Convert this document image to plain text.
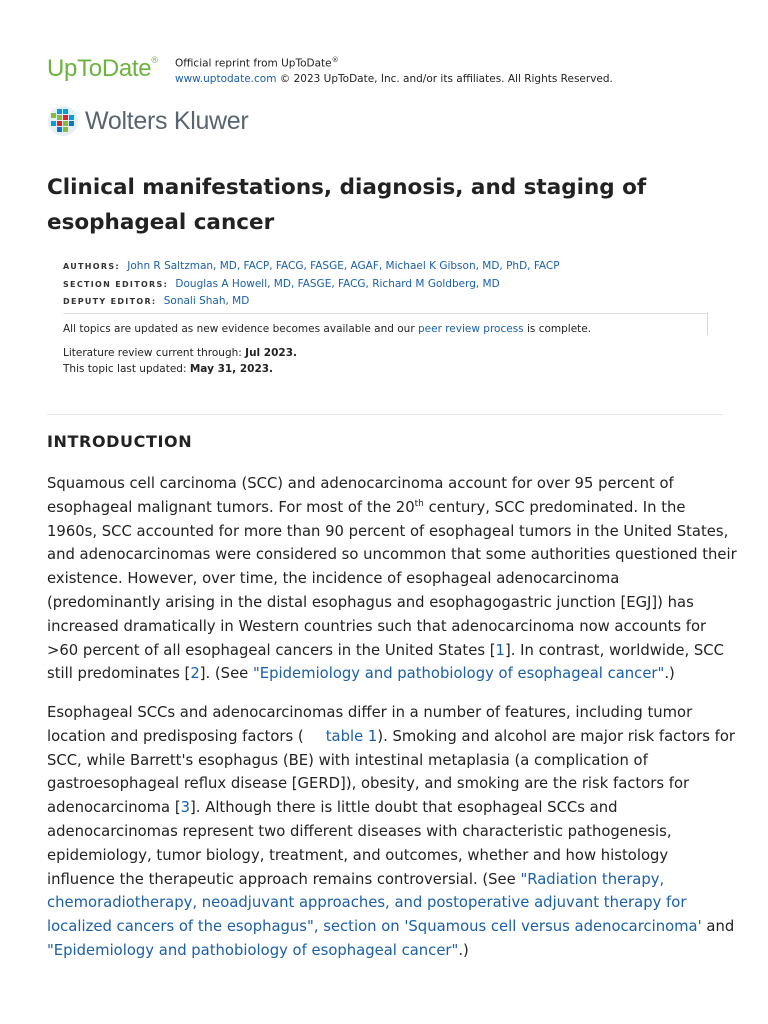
UpToDate® Official reprint from UpToDate®
www.uptodate.com © 2023 UpToDate, Inc. and/or its affiliates. All Rights Reserved.
Wolters Kluwer
Clinical manifestations, diagnosis, and staging of esophageal cancer
AUTHORS: John R Saltzman, MD, FACP, FACG, FASGE, AGAF, Michael K Gibson, MD, PhD, FACP
SECTION EDITORS: Douglas A Howell, MD, FASGE, FACG, Richard M Goldberg, MD
DEPUTY EDITOR: Sonali Shah, MD
All topics are updated as new evidence becomes available and our peer review process is complete.
Literature review current through: Jul 2023.
This topic last updated: May 31, 2023.
INTRODUCTION

Squamous cell carcinoma (SCC) and adenocarcinoma account for over 95 percent of esophageal malignant tumors. For most of the 20th century, SCC predominated. In the 1960s, SCC accounted for more than 90 percent of esophageal tumors in the United States, and adenocarcinomas were considered so uncommon that some authorities questioned their existence. However, over time, the incidence of esophageal adenocarcinoma (predominantly arising in the distal esophagus and esophagogastric junction [EGJ]) has increased dramatically in Western countries such that adenocarcinoma now accounts for >60 percent of all esophageal cancers in the United States [1]. In contrast, worldwide, SCC still predominates [2]. (See "Epidemiology and pathobiology of esophageal cancer".)

Esophageal SCCs and adenocarcinomas differ in a number of features, including tumor location and predisposing factors ( table 1). Smoking and alcohol are major risk factors for SCC, while Barrett's esophagus (BE) with intestinal metaplasia (a complication of gastroesophageal reflux disease [GERD]), obesity, and smoking are the risk factors for adenocarcinoma [3]. Although there is little doubt that esophageal SCCs and adenocarcinomas represent two different diseases with characteristic pathogenesis, epidemiology, tumor biology, treatment, and outcomes, whether and how histology influence the therapeutic approach remains controversial. (See "Radiation therapy, chemoradiotherapy, neoadjuvant approaches, and postoperative adjuvant therapy for localized cancers of the esophagus", section on 'Squamous cell versus adenocarcinoma' and "Epidemiology and pathobiology of esophageal cancer".)
